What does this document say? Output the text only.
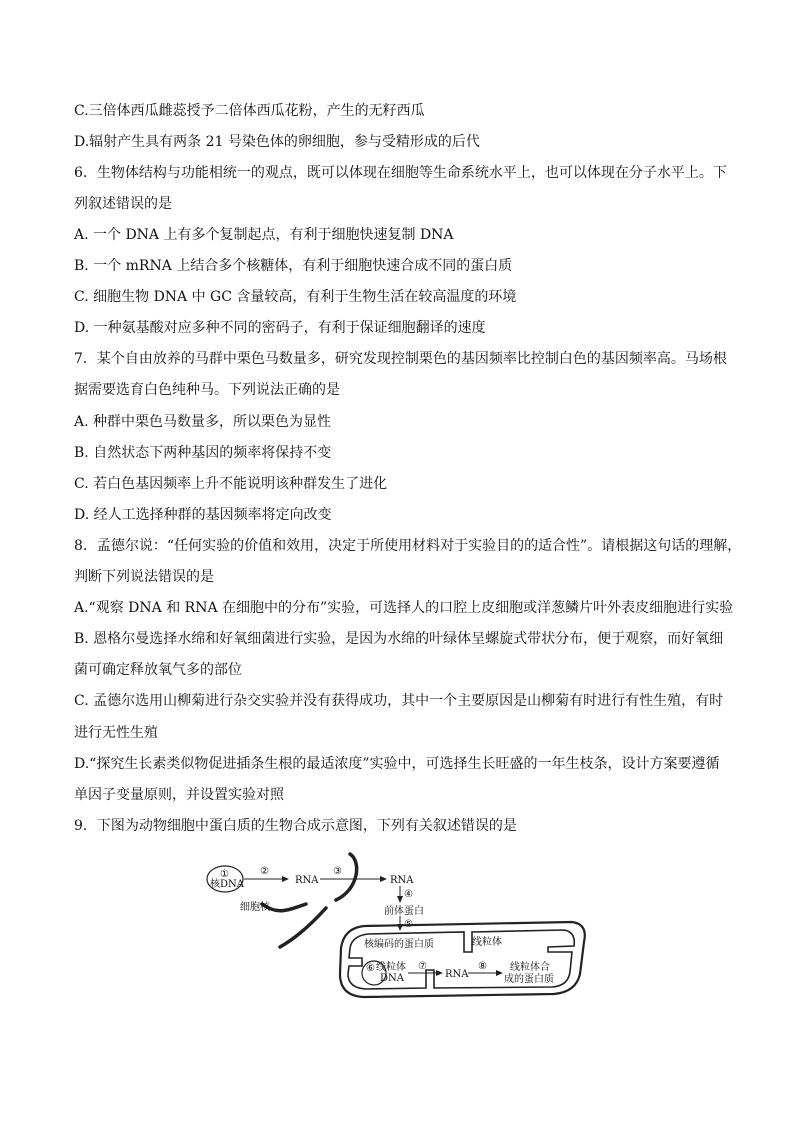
C.三倍体西瓜雌蕊授予二倍体西瓜花粉，产生的无籽西瓜
D.辐射产生具有两条 21 号染色体的卵细胞，参与受精形成的后代
6．生物体结构与功能相统一的观点，既可以体现在细胞等生命系统水平上，也可以体现在分子水平上。下
列叙述错误的是
A. 一个 DNA 上有多个复制起点，有利于细胞快速复制 DNA
B. 一个 mRNA 上结合多个核糖体，有利于细胞快速合成不同的蛋白质
C. 细胞生物 DNA 中 GC 含量较高，有利于生物生活在较高温度的环境
D. 一种氨基酸对应多种不同的密码子，有利于保证细胞翻译的速度
7．某个自由放养的马群中栗色马数量多，研究发现控制栗色的基因频率比控制白色的基因频率高。马场根
据需要选育白色纯种马。下列说法正确的是
A. 种群中栗色马数量多，所以栗色为显性
B. 自然状态下两种基因的频率将保持不变
C. 若白色基因频率上升不能说明该种群发生了进化
D. 经人工选择种群的基因频率将定向改变
8．孟德尔说：“任何实验的价值和效用，决定于所使用材料对于实验目的的适合性”。请根据这句话的理解，
判断下列说法错误的是
A.“观察 DNA 和 RNA 在细胞中的分布”实验，可选择人的口腔上皮细胞或洋葱鳞片叶外表皮细胞进行实验
B. 恩格尔曼选择水绵和好氧细菌进行实验，是因为水绵的叶绿体呈螺旋式带状分布，便于观察，而好氧细
菌可确定释放氧气多的部位
C. 孟德尔选用山柳菊进行杂交实验并没有获得成功，其中一个主要原因是山柳菊有时进行有性生殖，有时
进行无性生殖
D.“探究生长素类似物促进插条生根的最适浓度”实验中，可选择生长旺盛的一年生枝条，设计方案要遵循
单因子变量原则，并设置实验对照
9．下图为动物细胞中蛋白质的生物合成示意图，下列有关叙述错误的是
①
核DNA
②
RNA
③
RNA
细胞核
④
前体蛋白
⑤
核编码的蛋白质	线粒体
⑥ 线粒体
DNA
⑦
RNA
⑧ 线粒体合
成的蛋白质
